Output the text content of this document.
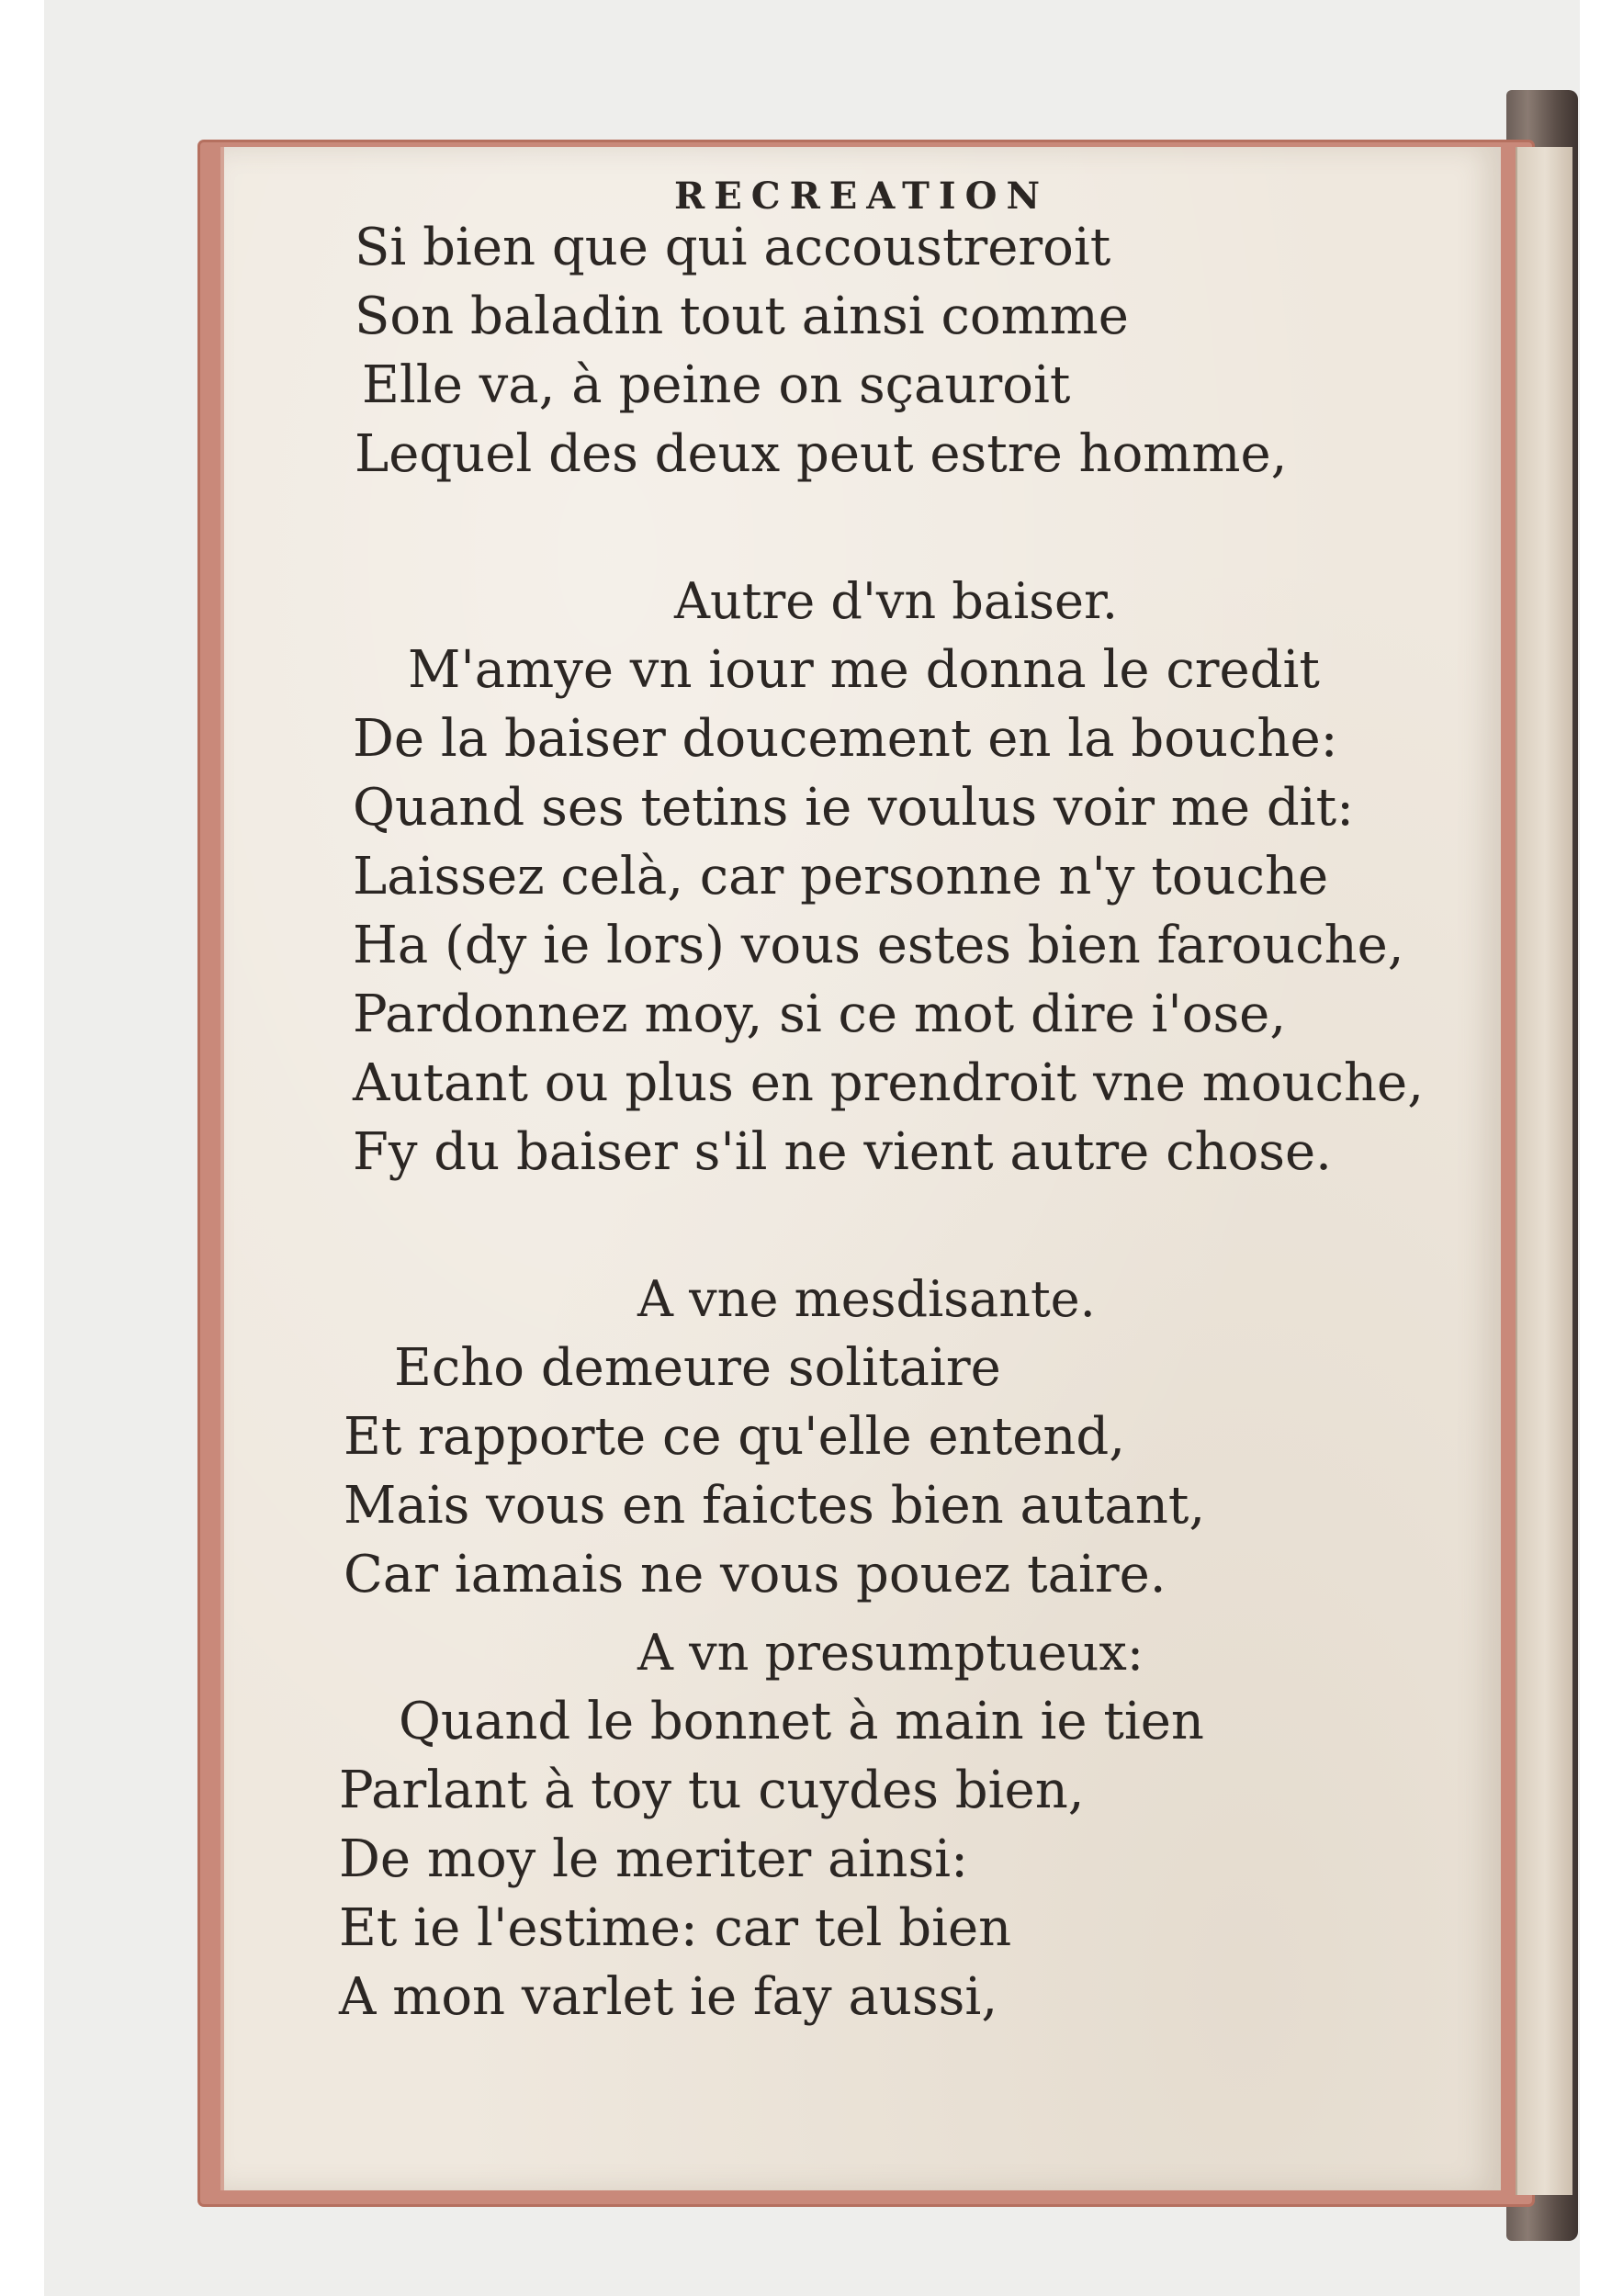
RECREATION
Si bien que qui accoustreroit
Son baladin tout ainsi comme
Elle va, à peine on sçauroit
Lequel des deux peut estre homme,
Autre d'vn baiser.
M'amye vn iour me donna le credit
De la baiser doucement en la bouche:
Quand ses tetins ie voulus voir me dit:
Laissez celà, car personne n'y touche
Ha (dy ie lors) vous estes bien farouche,
Pardonnez moy, si ce mot dire i'ose,
Autant ou plus en prendroit vne mouche,
Fy du baiser s'il ne vient autre chose.
A vne mesdisante.
Echo demeure solitaire
Et rapporte ce qu'elle entend,
Mais vous en faictes bien autant,
Car iamais ne vous pouez taire.
A vn presumptueux:
Quand le bonnet à main ie tien
Parlant à toy tu cuydes bien,
De moy le meriter ainsi:
Et ie l'estime: car tel bien
A mon varlet ie fay aussi,
